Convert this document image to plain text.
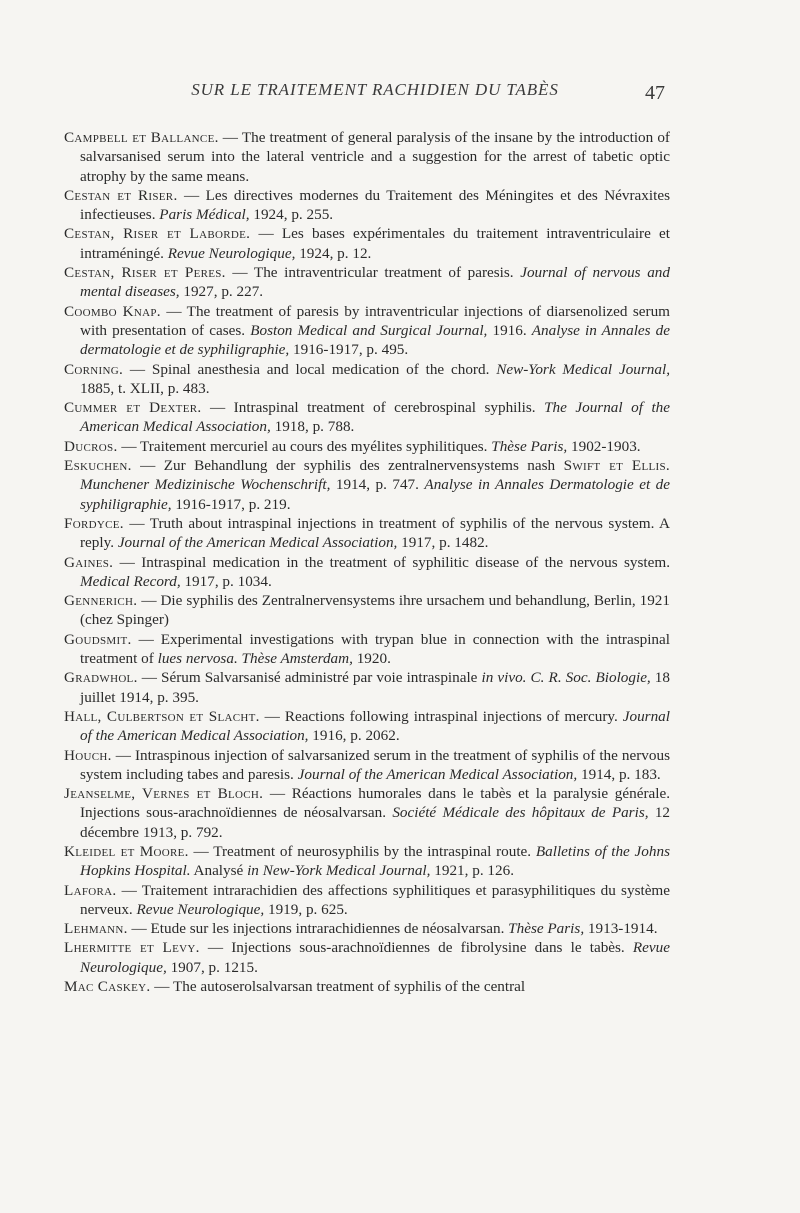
SUR LE TRAITEMENT RACHIDIEN DU TABÈS	47

Campbell et Ballance. — The treatment of general paralysis of the insane by the introduction of salvarsanised serum into the lateral ventricle and a suggestion for the arrest of tabetic optic atrophy by the same means.

Cestan et Riser. — Les directives modernes du Traitement des Méningites et des Névraxites infectieuses. Paris Médical, 1924, p. 255.

Cestan, Riser et Laborde. — Les bases expérimentales du traitement intraventriculaire et intraméningé. Revue Neurologique, 1924, p. 12.

Cestan, Riser et Peres. — The intraventricular treatment of paresis. Journal of nervous and mental diseases, 1927, p. 227.

Coombo Knap. — The treatment of paresis by intraventricular injections of diarsenolized serum with presentation of cases. Boston Medical and Surgical Journal, 1916. Analyse in Annales de dermatologie et de syphiligraphie, 1916-1917, p. 495.

Corning. — Spinal anesthesia and local medication of the chord. New-York Medical Journal, 1885, t. XLII, p. 483.

Cummer et Dexter. — Intraspinal treatment of cerebrospinal syphilis. The Journal of the American Medical Association, 1918, p. 788.

Ducros. — Traitement mercuriel au cours des myélites syphilitiques. Thèse Paris, 1902-1903.

Eskuchen. — Zur Behandlung der syphilis des zentralnervensystems nash Swift et Ellis. Munchener Medizinische Wochenschrift, 1914, p. 747. Analyse in Annales Dermatologie et de syphiligraphie, 1916-1917, p. 219.

Fordyce. — Truth about intraspinal injections in treatment of syphilis of the nervous system. A reply. Journal of the American Medical Association, 1917, p. 1482.

Gaines. — Intraspinal medication in the treatment of syphilitic disease of the nervous system. Medical Record, 1917, p. 1034.

Gennerich. — Die syphilis des Zentralnervensystems ihre ursachem und behandlung, Berlin, 1921 (chez Spinger)

Goudsmit. — Experimental investigations with trypan blue in connection with the intraspinal treatment of lues nervosa. Thèse Amsterdam, 1920.

Gradwhol. — Sérum Salvarsanisé administré par voie intraspinale in vivo. C. R. Soc. Biologie, 18 juillet 1914, p. 395.

Hall, Culbertson et Slacht. — Reactions following intraspinal injections of mercury. Journal of the American Medical Association, 1916, p. 2062.

Houch. — Intraspinous injection of salvarsanized serum in the treatment of syphilis of the nervous system including tabes and paresis. Journal of the American Medical Association, 1914, p. 183.

Jeanselme, Vernes et Bloch. — Réactions humorales dans le tabès et la paralysie générale. Injections sous-arachnoïdiennes de néosalvarsan. Société Médicale des hôpitaux de Paris, 12 décembre 1913, p. 792.

Kleidel et Moore. — Treatment of neurosyphilis by the intraspinal route. Balletins of the Johns Hopkins Hospital. Analysé in New-York Medical Journal, 1921, p. 126.

Lafora. — Traitement intrarachidien des affections syphilitiques et parasyphilitiques du système nerveux. Revue Neurologique, 1919, p. 625.

Lehmann. — Etude sur les injections intrarachidiennes de néosalvarsan. Thèse Paris, 1913-1914.

Lhermitte et Levy. — Injections sous-arachnoïdiennes de fibrolysine dans le tabès. Revue Neurologique, 1907, p. 1215.

Mac Caskey. — The autoserolsalvarsan treatment of syphilis of the central
